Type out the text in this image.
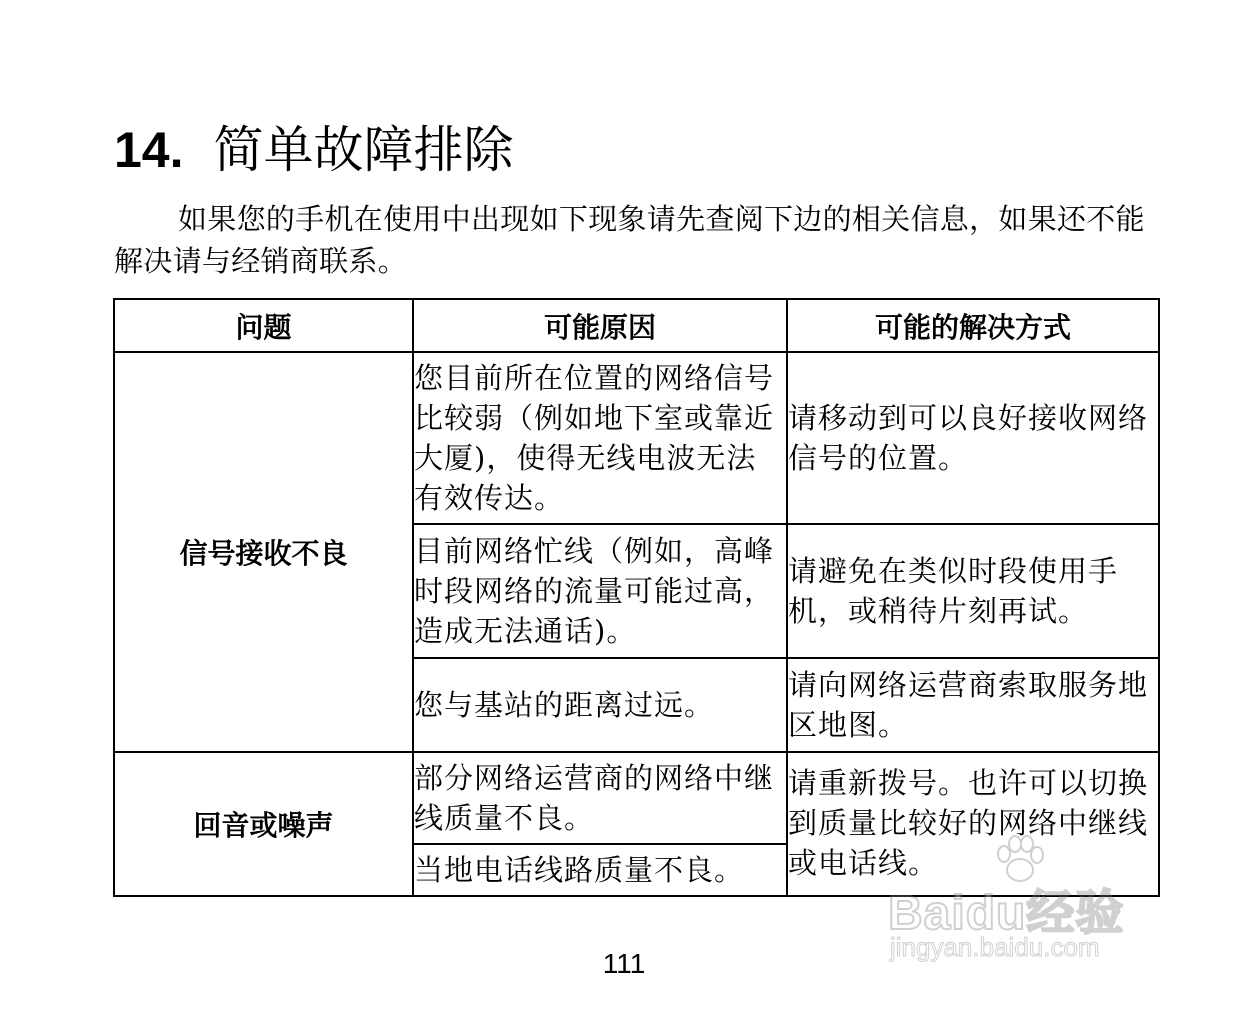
14. 简单故障排除

如果您的手机在使用中出现如下现象请先查阅下边的相关信息，如果还不能解决请与经销商联系。

问题	可能原因	可能的解决方式
信号接收不良	您目前所在位置的网络信号比较弱（例如地下室或靠近大厦)，使得无线电波无法有效传达。	请移动到可以良好接收网络信号的位置。
	目前网络忙线（例如，高峰时段网络的流量可能过高，造成无法通话)。	请避免在类似时段使用手机，或稍待片刻再试。
	您与基站的距离过远。	请向网络运营商索取服务地区地图。
回音或噪声	部分网络运营商的网络中继线质量不良。	请重新拨号。也许可以切换到质量比较好的网络中继线或电话线。
	当地电话线路质量不良。	
111
Baidu经验
jingyan.baidu.com
